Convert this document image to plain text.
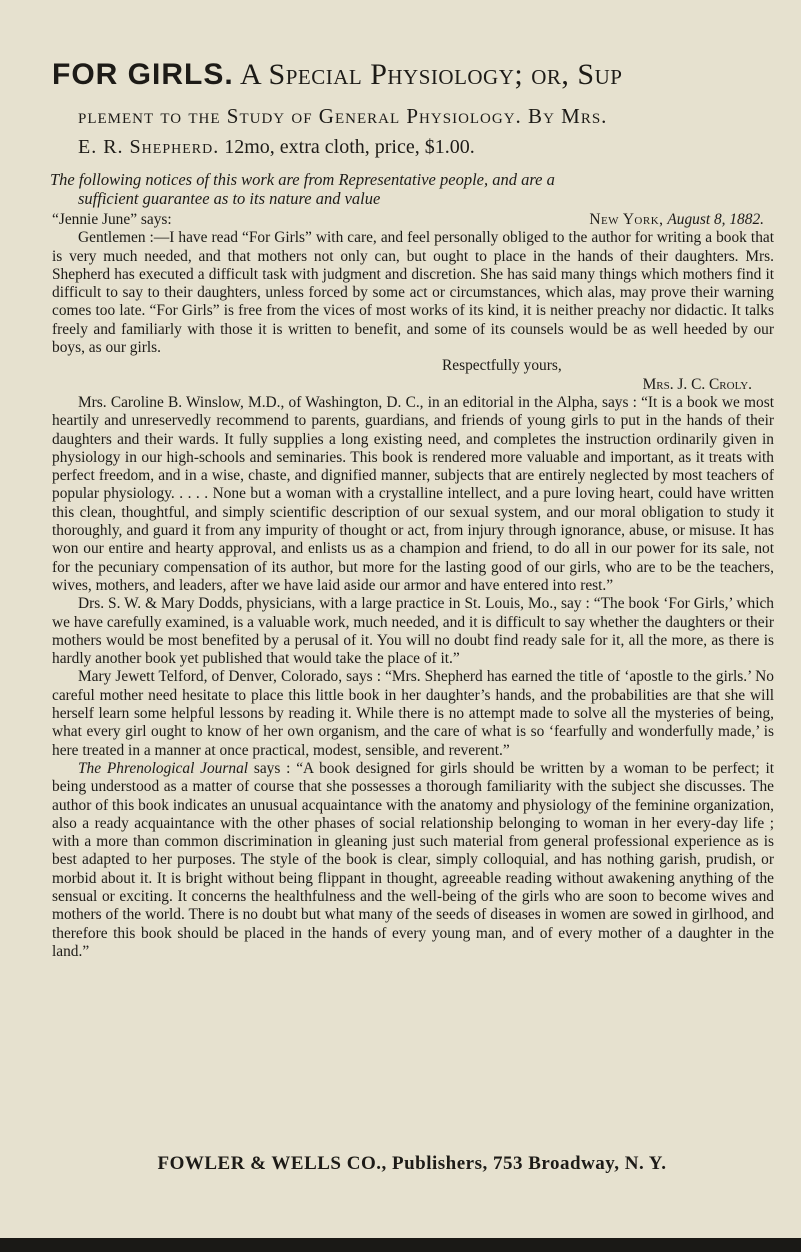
FOR GIRLS. A Special Physiology; or, Sup
plement to the Study of General Physiology. By Mrs.
E. R. Shepherd. 12mo, extra cloth, price, $1.00.
The following notices of this work are from Representative people, and are a
sufficient guarantee as to its nature and value
“Jennie June” says:	New York, August 8, 1882.

Gentlemen :—I have read “For Girls” with care, and feel personally obliged to the author for writing a book that is very much needed, and that mothers not only can, but ought to place in the hands of their daughters. Mrs. Shepherd has executed a difficult task with judgment and discretion. She has said many things which mothers find it difficult to say to their daughters, unless forced by some act or circumstances, which alas, may prove their warning comes too late. “For Girls” is free from the vices of most works of its kind, it is neither preachy nor didactic. It talks freely and familiarly with those it is written to benefit, and some of its counsels would be as well heeded by our boys, as our girls.

Respectfully yours,
Mrs. J. C. Croly.

Mrs. Caroline B. Winslow, M.D., of Washington, D. C., in an editorial in the Alpha, says : “It is a book we most heartily and unreservedly recommend to parents, guardians, and friends of young girls to put in the hands of their daughters and their wards. It fully supplies a long existing need, and completes the instruction ordinarily given in physiology in our high-schools and seminaries. This book is rendered more valuable and important, as it treats with perfect freedom, and in a wise, chaste, and dignified manner, subjects that are entirely neglected by most teachers of popular physiology. . . . . None but a woman with a crystalline intellect, and a pure loving heart, could have written this clean, thoughtful, and simply scientific description of our sexual system, and our moral obligation to study it thoroughly, and guard it from any impurity of thought or act, from injury through ignorance, abuse, or misuse. It has won our entire and hearty approval, and enlists us as a champion and friend, to do all in our power for its sale, not for the pecuniary compensation of its author, but more for the lasting good of our girls, who are to be the teachers, wives, mothers, and leaders, after we have laid aside our armor and have entered into rest.”

Drs. S. W. & Mary Dodds, physicians, with a large practice in St. Louis, Mo., say : “The book ‘For Girls,’ which we have carefully examined, is a valuable work, much needed, and it is difficult to say whether the daughters or their mothers would be most benefited by a perusal of it. You will no doubt find ready sale for it, all the more, as there is hardly another book yet published that would take the place of it.”

Mary Jewett Telford, of Denver, Colorado, says : “Mrs. Shepherd has earned the title of ‘apostle to the girls.’ No careful mother need hesitate to place this little book in her daughter’s hands, and the probabilities are that she will herself learn some helpful lessons by reading it. While there is no attempt made to solve all the mysteries of being, what every girl ought to know of her own organism, and the care of what is so ‘fearfully and wonderfully made,’ is here treated in a manner at once practical, modest, sensible, and reverent.”

The Phrenological Journal says : “A book designed for girls should be written by a woman to be perfect; it being understood as a matter of course that she possesses a thorough familiarity with the subject she discusses. The author of this book indicates an unusual acquaintance with the anatomy and physiology of the feminine organization, also a ready acquaintance with the other phases of social relationship belonging to woman in her every-day life ; with a more than common discrimination in gleaning just such material from general professional experience as is best adapted to her purposes. The style of the book is clear, simply colloquial, and has nothing garish, prudish, or morbid about it. It is bright without being flippant in thought, agreeable reading without awakening anything of the sensual or exciting. It concerns the healthfulness and the well-being of the girls who are soon to become wives and mothers of the world. There is no doubt but what many of the seeds of diseases in women are sowed in girlhood, and therefore this book should be placed in the hands of every young man, and of every mother of a daughter in the land.”

FOWLER & WELLS CO., Publishers, 753 Broadway, N. Y.
